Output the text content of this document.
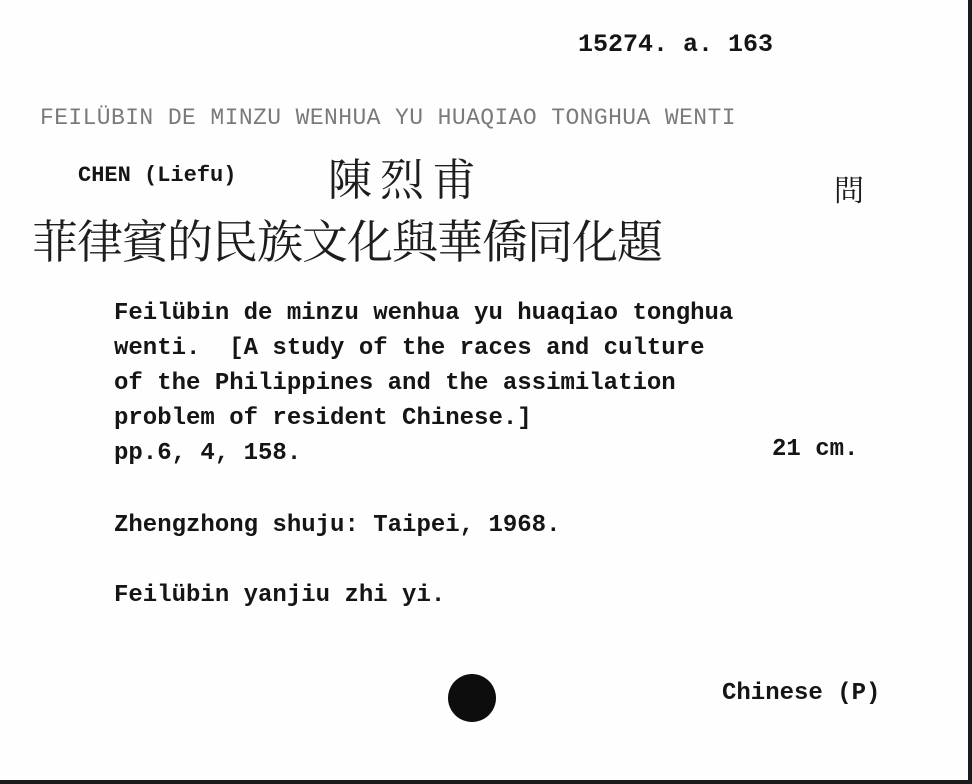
15274. a. 163
FEILÜBIN DE MINZU WENHUA YU HUAQIAO TONGHUA WENTI
CHEN (Liefu) 陳烈甫	問
菲律賓的民族文化與華僑同化題
Feilübin de minzu wenhua yu huaqiao tonghua
wenti.  [A study of the races and culture
of the Philippines and the assimilation
problem of resident Chinese.]
pp.6, 4, 158.	21 cm.
Zhengzhong shuju: Taipei, 1968.
Feilübin yanjiu zhi yi.
Chinese (P)
